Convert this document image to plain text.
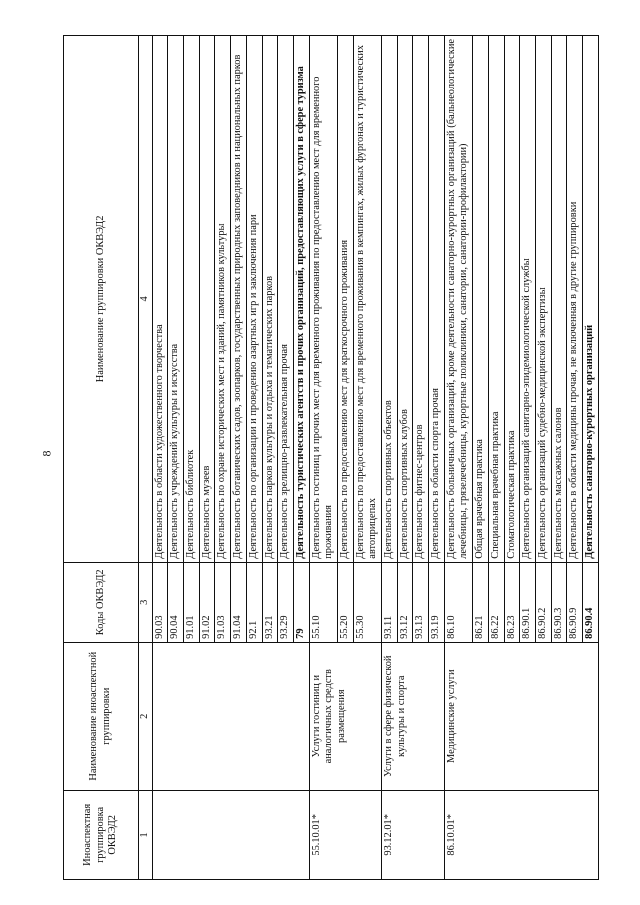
8
Иноаспектная группировка ОКВЭД2	Наименование иноаспектной группировки	Коды ОКВЭД2	Наименование группировки ОКВЭД2
1	2	3	4
		90.03	Деятельность в области художественного творчества
		90.04	Деятельность учреждений культуры и искусства
		91.01	Деятельность библиотек
		91.02	Деятельность музеев
		91.03	Деятельность по охране исторических мест и зданий, памятников культуры
		91.04	Деятельность ботанических садов, зоопарков, государственных природных заповедников и национальных парков
		92.1	Деятельность по организации и проведению азартных игр и заключения пари
		93.21	Деятельность парков культуры и отдыха и тематических парков
		93.29	Деятельность зрелищно-развлекательная прочая
		79	Деятельность туристических агентств и прочих организаций, предоставляющих услуги в сфере туризма
55.10.01*	Услуги гостиниц и аналогичных средств размещения	55.10	Деятельность гостиниц и прочих мест для временного проживания по предоставлению мест для временного проживания
		55.20	Деятельность по предоставлению мест для краткосрочного проживания
		55.30	Деятельность по предоставлению мест для временного проживания в кемпингах, жилых фургонах и туристических автоприцепах
93.12.01*	Услуги в сфере физической культуры и спорта	93.11	Деятельность спортивных объектов
		93.12	Деятельность спортивных клубов
		93.13	Деятельность фитнес-центров
		93.19	Деятельность в области спорта прочая
86.10.01*	Медицинские услуги	86.10	Деятельность больничных организаций, кроме деятельности санаторно-курортных организаций (бальнеологические лечебницы, грязелечебницы, курортные поликлиники, санатории, санатории-профилактории)
		86.21	Общая врачебная практика
		86.22	Специальная врачебная практика
		86.23	Стоматологическая практика
		86.90.1	Деятельность организаций санитарно-эпидемиологической службы
		86.90.2	Деятельность организаций судебно-медицинской экспертизы
		86.90.3	Деятельность массажных салонов
		86.90.9	Деятельность в области медицины прочая, не включенная в другие группировки
		86.90.4	Деятельность санаторно-курортных организаций
